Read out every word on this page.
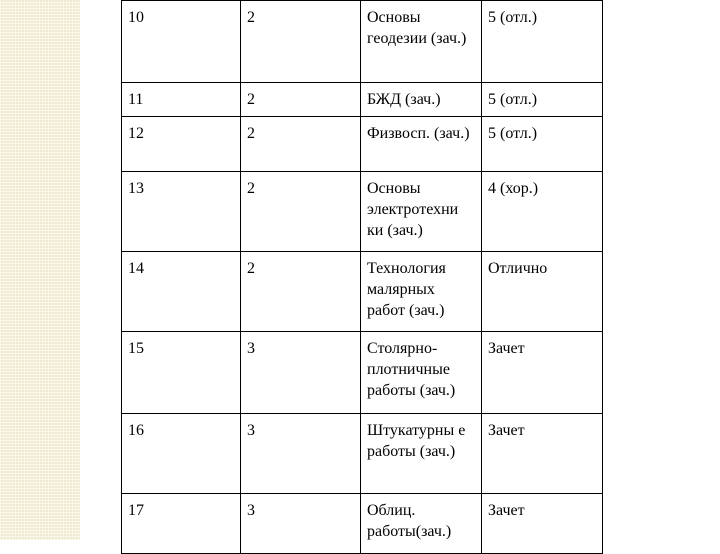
10	2	Основы геодезии (зач.)	5 (отл.)
11	2	БЖД (зач.)	5 (отл.)
12	2	Физвосп. (зач.)	5 (отл.)
13	2	Основы электротехни ки (зач.)	4 (хор.)
14	2	Технология малярных работ (зач.)	Отлично
15	3	Столярно-плотничные работы (зач.)	Зачет
16	3	Штукатурны е работы (зач.)	Зачет
17	3	Облиц. работы(зач.)	Зачет
